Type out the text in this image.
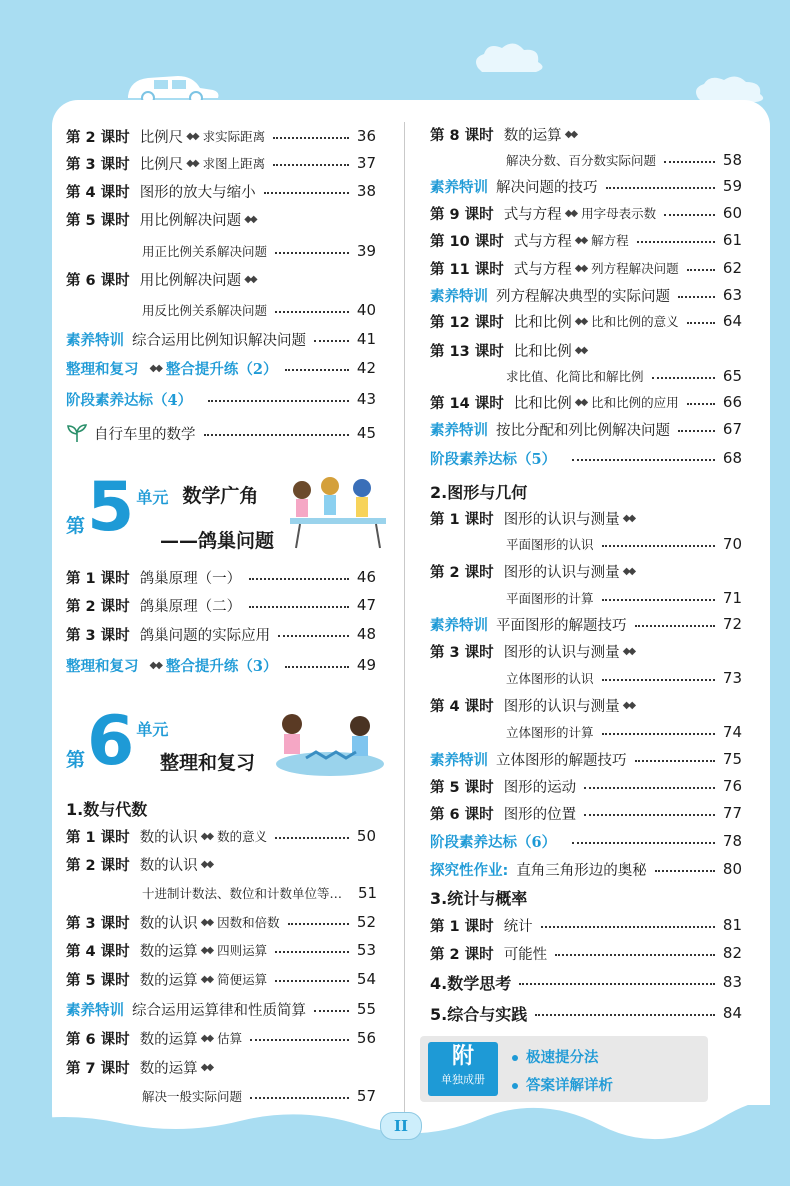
第 5 单元 数学广角
——鸽巢问题
第 6 单元
整理和复习
1.数与代数
附
单独成册
极速提分法
答案详解详析
II
第 2 课时 比例尺 ◆◆ 求实际距离	36
第 3 课时 比例尺 ◆◆ 求图上距离	37
第 4 课时 图形的放大与缩小	38
第 5 课时 用比例解决问题 ◆◆
用正比例关系解决问题	39
第 6 课时 用比例解决问题 ◆◆
用反比例关系解决问题	40
素养特训 综合运用比例知识解决问题	41
整理和复习 ◆◆ 整合提升练（2）	42
阶段素养达标（4）	43
自行车里的数学	45
第 1 课时 鸽巢原理（一）	46
第 2 课时 鸽巢原理（二）	47
第 3 课时 鸽巢问题的实际应用	48
整理和复习 ◆◆ 整合提升练（3）	49
第 1 课时 数的认识 ◆◆ 数的意义	50
第 2 课时 数的认识 ◆◆
十进制计数法、数位和计数单位等… 51
第 3 课时 数的认识 ◆◆ 因数和倍数	52
第 4 课时 数的运算 ◆◆ 四则运算	53
第 5 课时 数的运算 ◆◆ 简便运算	54
素养特训 综合运用运算律和性质简算	55
第 6 课时 数的运算 ◆◆ 估算	56
第 7 课时 数的运算 ◆◆
解决一般实际问题	57
第 8 课时 数的运算 ◆◆
解决分数、百分数实际问题	58
素养特训 解决问题的技巧	59
第 9 课时 式与方程 ◆◆ 用字母表示数	60
第 10 课时 式与方程 ◆◆ 解方程	61
第 11 课时 式与方程 ◆◆ 列方程解决问题	62
素养特训 列方程解决典型的实际问题	63
第 12 课时 比和比例 ◆◆ 比和比例的意义	64
第 13 课时 比和比例 ◆◆
求比值、化简比和解比例	65
第 14 课时 比和比例 ◆◆ 比和比例的应用	66
素养特训 按比分配和列比例解决问题	67
阶段素养达标（5）	68
2.图形与几何
第 1 课时 图形的认识与测量 ◆◆
平面图形的认识	70
第 2 课时 图形的认识与测量 ◆◆
平面图形的计算	71
素养特训 平面图形的解题技巧	72
第 3 课时 图形的认识与测量 ◆◆
立体图形的认识	73
第 4 课时 图形的认识与测量 ◆◆
立体图形的计算	74
素养特训 立体图形的解题技巧	75
第 5 课时 图形的运动	76
第 6 课时 图形的位置	77
阶段素养达标（6）	78
探究性作业: 直角三角形边的奥秘	80
3.统计与概率
第 1 课时 统计	81
第 2 课时 可能性	82
4.数学思考	83
5.综合与实践	84
